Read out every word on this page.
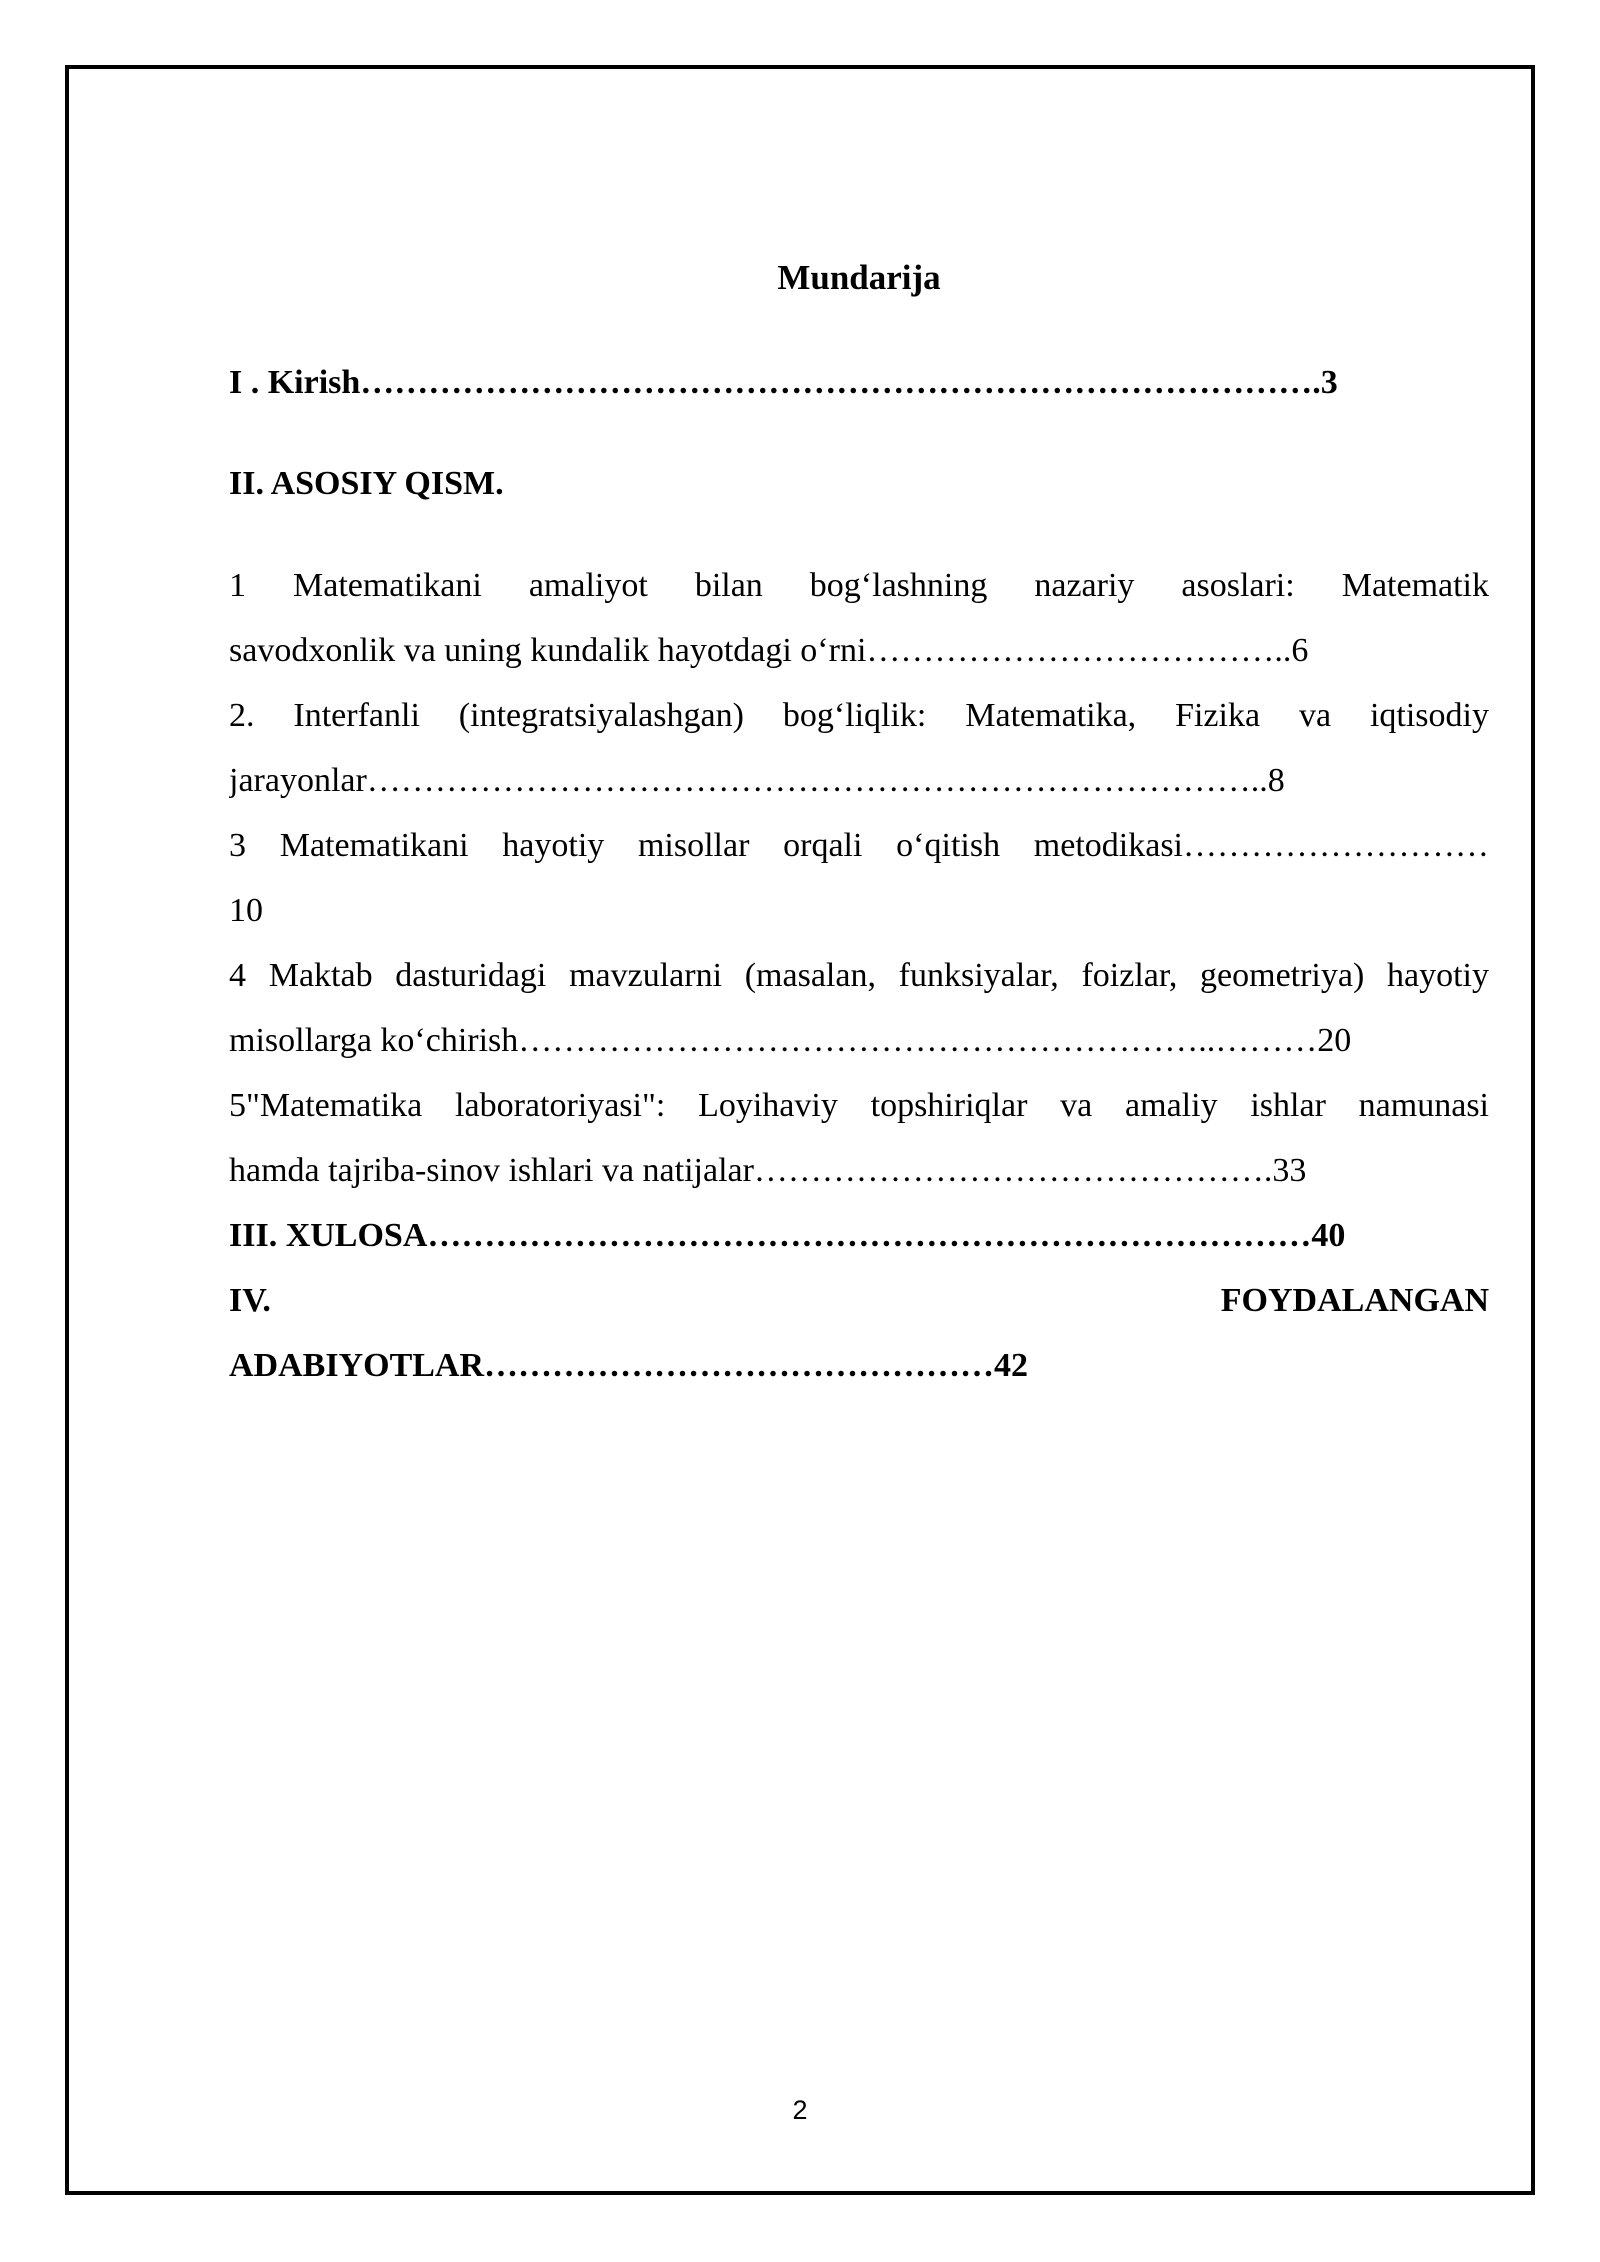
Mundarija
I . Kirish………………………………………………………………………….3
II. ASOSIY QISM.
1 Matematikani amaliyot bilan bog‘lashning nazariy asoslari: Matematik
savodxonlik va uning kundalik hayotdagi o‘rni………………………………..6
2. Interfanli (integratsiyalashgan) bog‘liqlik: Matematika, Fizika va iqtisodiy
jarayonlar……………………………………………………………………..8
3 Matematikani hayotiy misollar orqali o‘qitish metodikasi………………………
10
4 Maktab dasturidagi mavzularni (masalan, funksiyalar, foizlar, geometriya) hayotiy
misollarga ko‘chirish……………………………………………………..………20
5"Matematika laboratoriyasi": Loyihaviy topshiriqlar va amaliy ishlar namunasi
hamda tajriba-sinov ishlari va natijalar……………………………………….33
III. XULOSA……………………………………………………………………40
IV. FOYDALANGAN
ADABIYOTLAR………………………………………42
2
